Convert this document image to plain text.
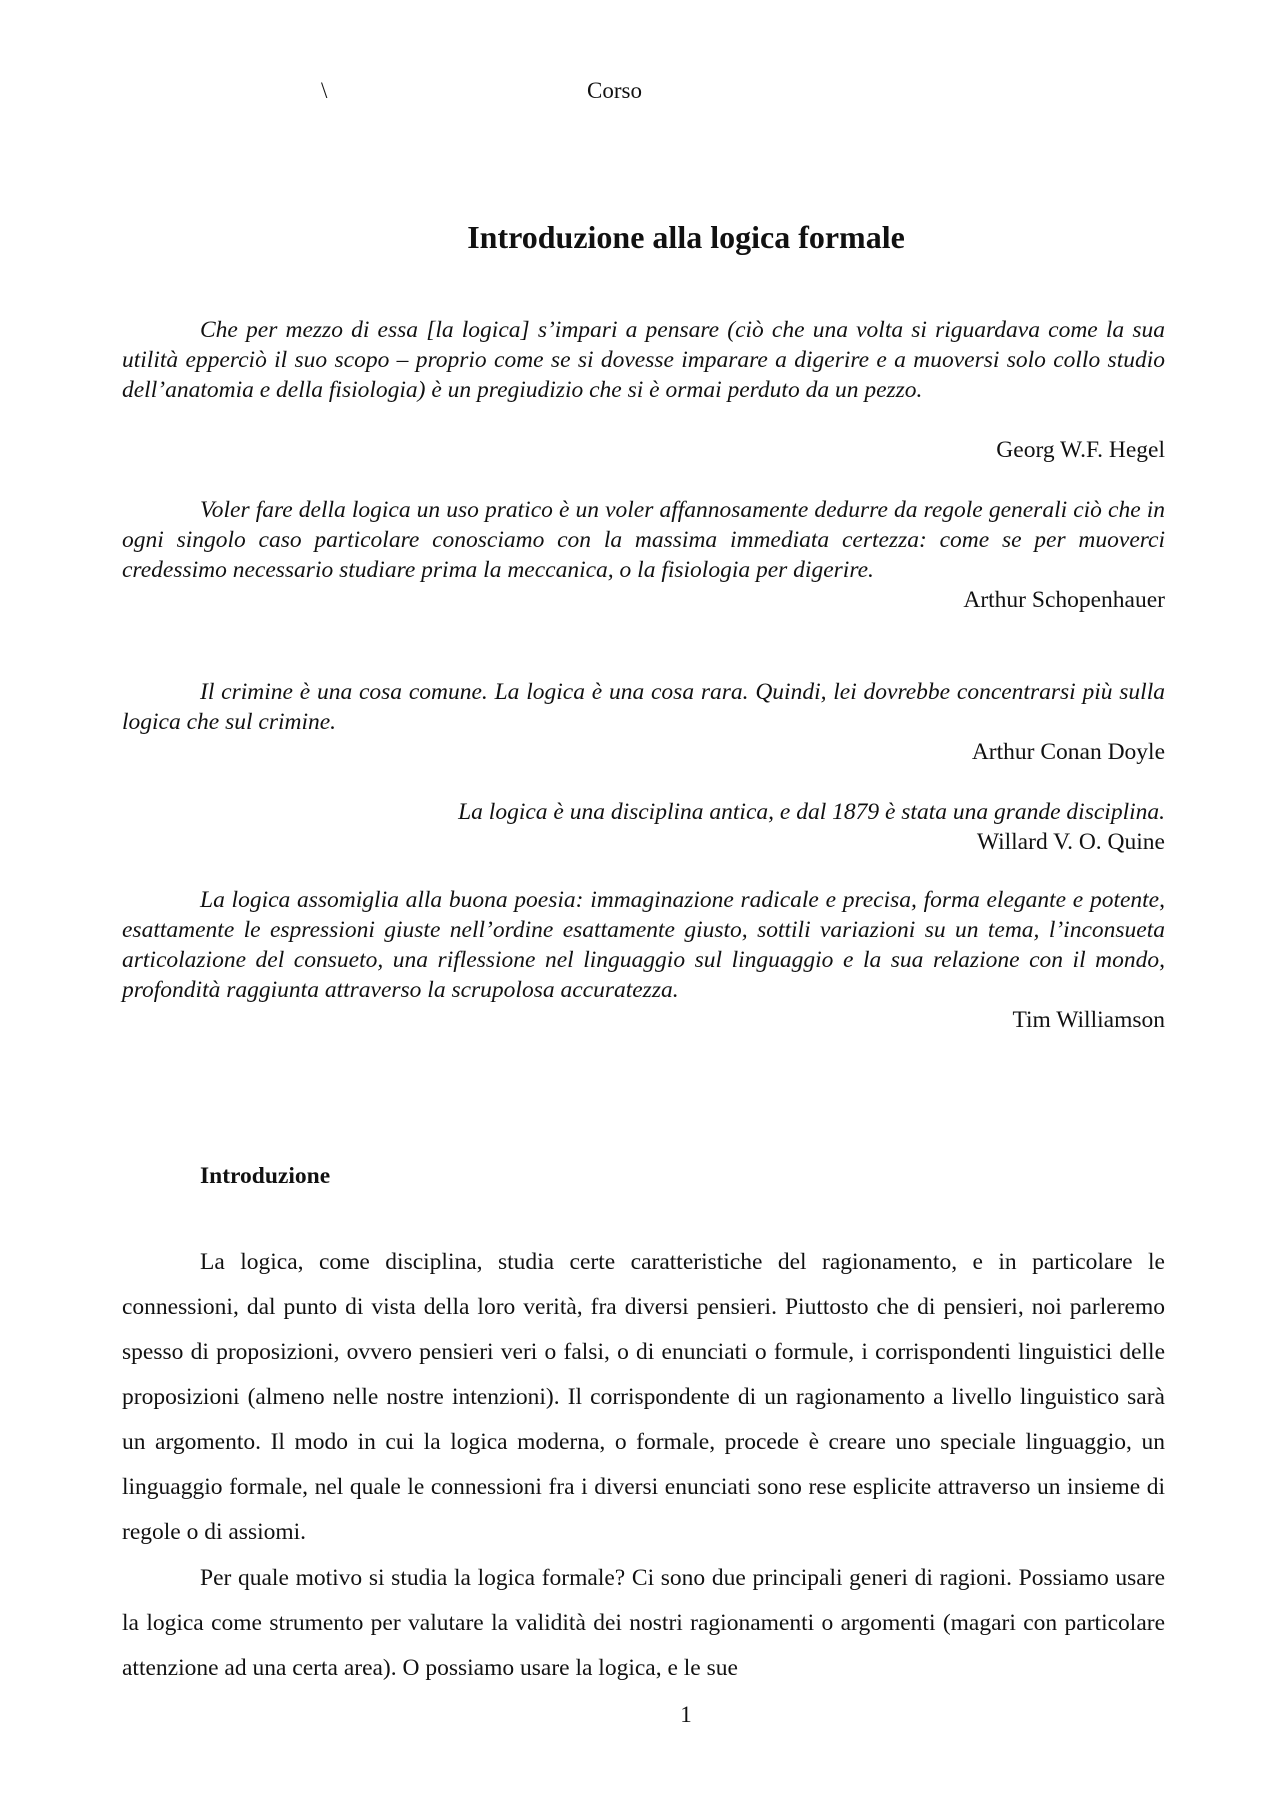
\	Corso
Introduzione alla logica formale

Che per mezzo di essa [la logica] s’impari a pensare (ciò che una volta si riguardava come la sua utilità epperciò il suo scopo – proprio come se si dovesse imparare a digerire e a muoversi solo collo studio dell’anatomia e della fisiologia) è un pregiudizio che si è ormai perduto da un pezzo.

Georg W.F. Hegel

Voler fare della logica un uso pratico è un voler affannosamente dedurre da regole generali ciò che in ogni singolo caso particolare conosciamo con la massima immediata certezza: come se per muoverci credessimo necessario studiare prima la meccanica, o la fisiologia per digerire.

Arthur Schopenhauer

Il crimine è una cosa comune. La logica è una cosa rara. Quindi, lei dovrebbe concentrarsi più sulla logica che sul crimine.

Arthur Conan Doyle

La logica è una disciplina antica, e dal 1879 è stata una grande disciplina.

Willard V. O. Quine

La logica assomiglia alla buona poesia: immaginazione radicale e precisa, forma elegante e potente, esattamente le espressioni giuste nell’ordine esattamente giusto, sottili variazioni su un tema, l’inconsueta articolazione del consueto, una riflessione nel linguaggio sul linguaggio e la sua relazione con il mondo, profondità raggiunta attraverso la scrupolosa accuratezza.

Tim Williamson

Introduzione

La logica, come disciplina, studia certe caratteristiche del ragionamento, e in particolare le connessioni, dal punto di vista della loro verità, fra diversi pensieri. Piuttosto che di pensieri, noi parleremo spesso di proposizioni, ovvero pensieri veri o falsi, o di enunciati o formule, i corrispondenti linguistici delle proposizioni (almeno nelle nostre intenzioni). Il corrispondente di un ragionamento a livello linguistico sarà un argomento. Il modo in cui la logica moderna, o formale, procede è creare uno speciale linguaggio, un linguaggio formale, nel quale le connessioni fra i diversi enunciati sono rese esplicite attraverso un insieme di regole o di assiomi.

Per quale motivo si studia la logica formale? Ci sono due principali generi di ragioni. Possiamo usare la logica come strumento per valutare la validità dei nostri ragionamenti o argomenti (magari con particolare attenzione ad una certa area). O possiamo usare la logica, e le sue

1
